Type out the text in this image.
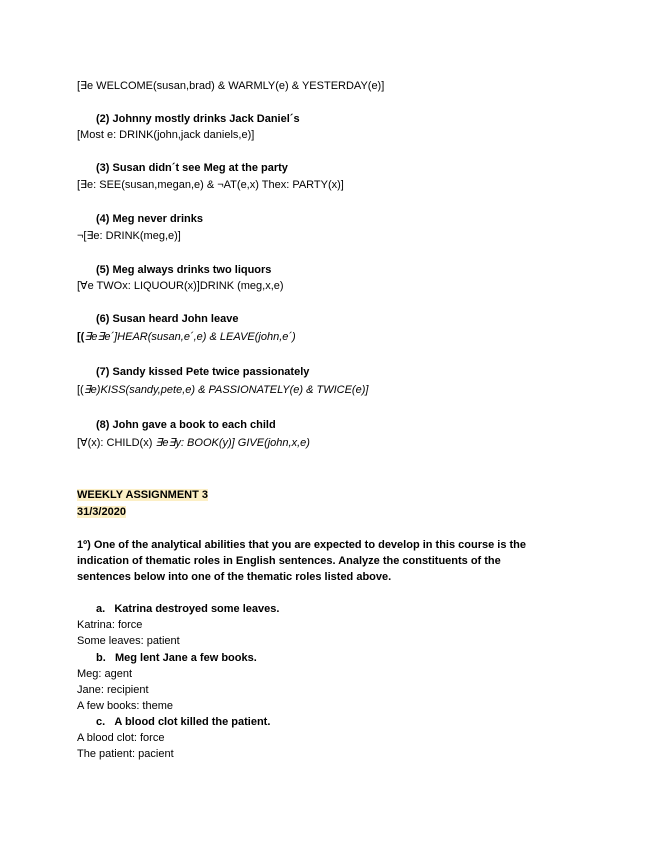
[∃e WELCOME(susan,brad) & WARMLY(e) & YESTERDAY(e)]
(2) Johnny mostly drinks Jack Daniel´s
[Most e: DRINK(john,jack daniels,e)]
(3) Susan didn´t see Meg at the party
[∃e: SEE(susan,megan,e) & ¬AT(e,x) Thex: PARTY(x)]
(4) Meg never drinks
¬[∃e: DRINK(meg,e)]
(5) Meg always drinks two liquors
[∀e TWOx: LIQUOUR(x)]DRINK (meg,x,e)
(6) Susan heard John leave
[(∃e∃e´]HEAR(susan,e´,e) & LEAVE(john,e´)
(7) Sandy kissed Pete twice passionately
[(∃e)KISS(sandy,pete,e) & PASSIONATELY(e) & TWICE(e)]
(8) John gave a book to each child
[∀(x): CHILD(x) ∃e∃y: BOOK(y)] GIVE(john,x,e)
WEEKLY ASSIGNMENT 3
31/3/2020
1º) One of the analytical abilities that you are expected to develop in this course is the
indication of thematic roles in English sentences. Analyze the constituents of the
sentences below into one of the thematic roles listed above.
a. Katrina destroyed some leaves.
Katrina: force
Some leaves: patient
b. Meg lent Jane a few books.
Meg: agent
Jane: recipient
A few books: theme
c. A blood clot killed the patient.
A blood clot: force
The patient: pacient
